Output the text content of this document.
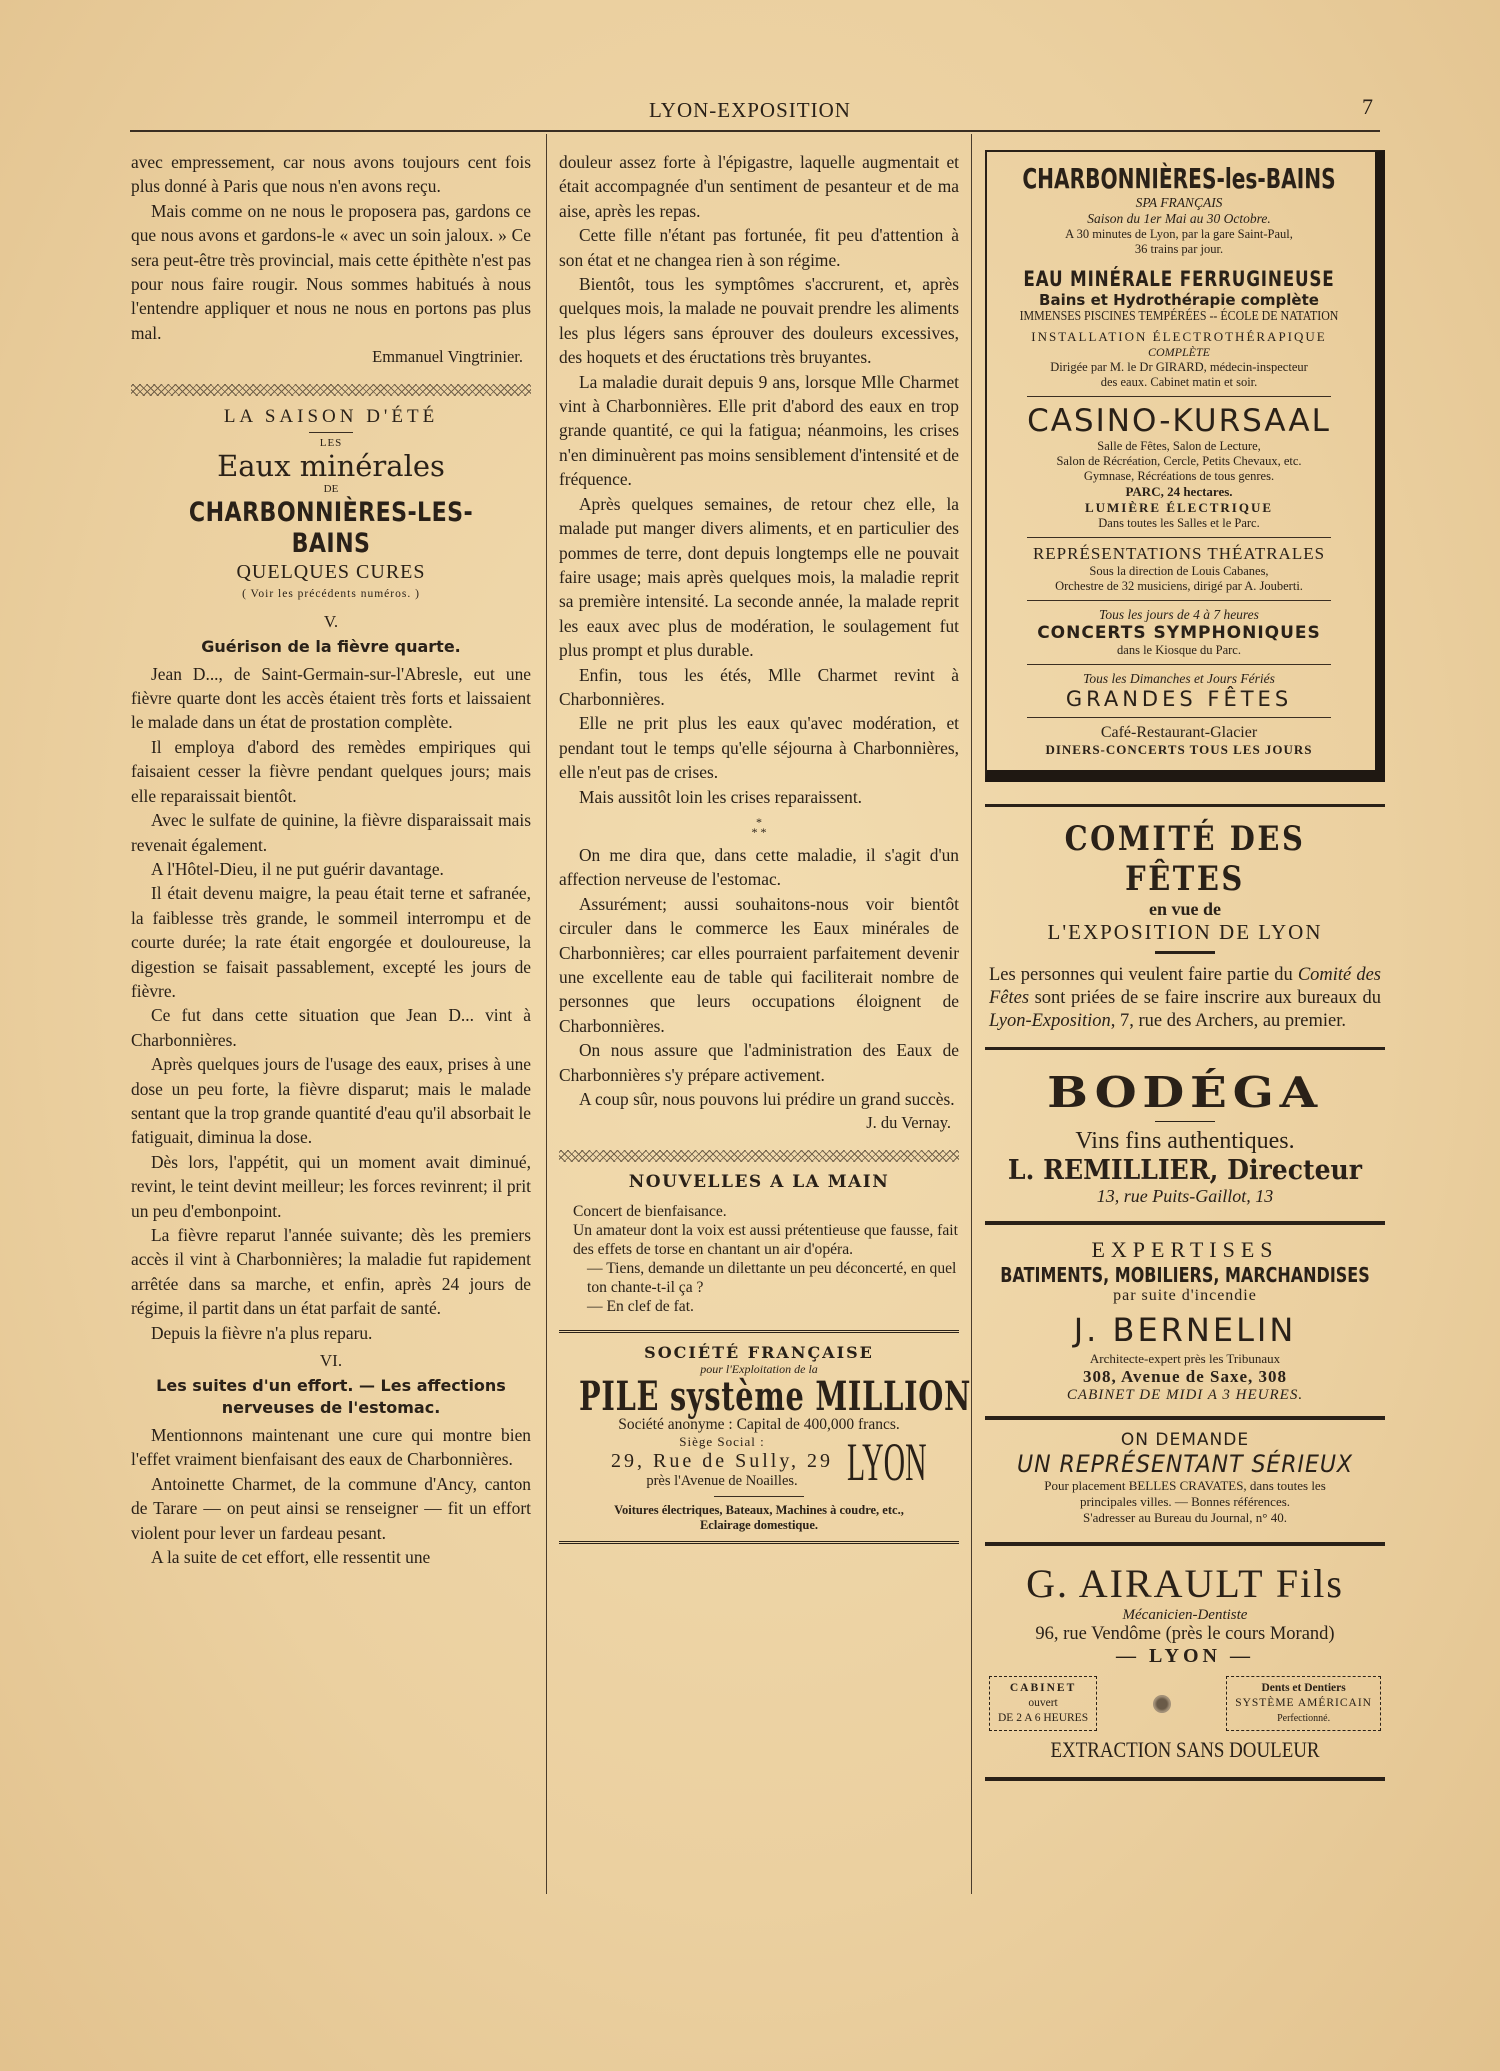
LYON-EXPOSITION	7

avec empressement, car nous avons toujours cent fois plus donné à Paris que nous n'en avons reçu.

Mais comme on ne nous le proposera pas, gardons ce que nous avons et gardons-le « avec un soin jaloux. » Ce sera peut-être très provincial, mais cette épithète n'est pas pour nous faire rougir. Nous sommes habitués à nous l'entendre appliquer et nous ne nous en portons pas plus mal.

Emmanuel Vingtrinier.

LA SAISON D'ÉTÉ
LES
Eaux minérales
DE
CHARBONNIÈRES-LES-BAINS
QUELQUES CURES
( Voir les précédents numéros. )
V.
Guérison de la fièvre quarte.

Jean D..., de Saint-Germain-sur-l'Abresle, eut une fièvre quarte dont les accès étaient très forts et laissaient le malade dans un état de prostation complète.

Il employa d'abord des remèdes empiriques qui faisaient cesser la fièvre pendant quelques jours; mais elle reparaissait bientôt.

Avec le sulfate de quinine, la fièvre disparaissait mais revenait également.

A l'Hôtel-Dieu, il ne put guérir davantage.

Il était devenu maigre, la peau était terne et safranée, la faiblesse très grande, le sommeil interrompu et de courte durée; la rate était engorgée et douloureuse, la digestion se faisait passablement, excepté les jours de fièvre.

Ce fut dans cette situation que Jean D... vint à Charbonnières.

Après quelques jours de l'usage des eaux, prises à une dose un peu forte, la fièvre disparut; mais le malade sentant que la trop grande quantité d'eau qu'il absorbait le fatiguait, diminua la dose.

Dès lors, l'appétit, qui un moment avait diminué, revint, le teint devint meilleur; les forces revinrent; il prit un peu d'embonpoint.

La fièvre reparut l'année suivante; dès les premiers accès il vint à Charbonnières; la maladie fut rapidement arrêtée dans sa marche, et enfin, après 24 jours de régime, il partit dans un état parfait de santé.

Depuis la fièvre n'a plus reparu.

VI.
Les suites d'un effort. — Les affections
nerveuses de l'estomac.

Mentionnons maintenant une cure qui montre bien l'effet vraiment bienfaisant des eaux de Charbonnières.

Antoinette Charmet, de la commune d'Ancy, canton de Tarare — on peut ainsi se renseigner — fit un effort violent pour lever un fardeau pesant.

A la suite de cet effort, elle ressentit une

douleur assez forte à l'épigastre, laquelle augmentait et était accompagnée d'un sentiment de pesanteur et de ma aise, après les repas.

Cette fille n'étant pas fortunée, fit peu d'attention à son état et ne changea rien à son régime.

Bientôt, tous les symptômes s'accrurent, et, après quelques mois, la malade ne pouvait prendre les aliments les plus légers sans éprouver des douleurs excessives, des hoquets et des éructations très bruyantes.

La maladie durait depuis 9 ans, lorsque Mlle Charmet vint à Charbonnières. Elle prit d'abord des eaux en trop grande quantité, ce qui la fatigua; néanmoins, les crises n'en diminuèrent pas moins sensiblement d'intensité et de fréquence.

Après quelques semaines, de retour chez elle, la malade put manger divers aliments, et en particulier des pommes de terre, dont depuis longtemps elle ne pouvait faire usage; mais après quelques mois, la maladie reprit sa première intensité. La seconde année, la malade reprit les eaux avec plus de modération, le soulagement fut plus prompt et plus durable.

Enfin, tous les étés, Mlle Charmet revint à Charbonnières.

Elle ne prit plus les eaux qu'avec modération, et pendant tout le temps qu'elle séjourna à Charbonnières, elle n'eut pas de crises.

Mais aussitôt loin les crises reparaissent.

*
* *

On me dira que, dans cette maladie, il s'agit d'un affection nerveuse de l'estomac.

Assurément; aussi souhaitons-nous voir bientôt circuler dans le commerce les Eaux minérales de Charbonnières; car elles pourraient parfaitement devenir une excellente eau de table qui faciliterait nombre de personnes que leurs occupations éloignent de Charbonnières.

On nous assure que l'administration des Eaux de Charbonnières s'y prépare activement.

A coup sûr, nous pouvons lui prédire un grand succès.

J. du Vernay.

NOUVELLES A LA MAIN

Concert de bienfaisance.

Un amateur dont la voix est aussi prétentieuse que fausse, fait des effets de torse en chantant un air d'opéra.

— Tiens, demande un dilettante un peu déconcerté, en quel ton chante-t-il ça ?

— En clef de fat.

SOCIÉTÉ FRANÇAISE
pour l'Exploitation de la
PILE système MILLION
Société anonyme : Capital de 400,000 francs.
Siège Social :
29, Rue de Sully, 29
près l'Avenue de Noailles. LYON
Voitures électriques, Bateaux, Machines à coudre, etc.,
Eclairage domestique.
CHARBONNIÈRES-les-BAINS
SPA FRANÇAIS
Saison du 1er Mai au 30 Octobre.
A 30 minutes de Lyon, par la gare Saint-Paul,
36 trains par jour.
EAU MINÉRALE FERRUGINEUSE
Bains et Hydrothérapie complète
IMMENSES PISCINES TEMPÉRÉES -- ÉCOLE DE NATATION
INSTALLATION ÉLECTROTHÉRAPIQUE
COMPLÈTE
Dirigée par M. le Dr GIRARD, médecin-inspecteur
des eaux. Cabinet matin et soir.
CASINO-KURSAAL
Salle de Fêtes, Salon de Lecture,
Salon de Récréation, Cercle, Petits Chevaux, etc.
Gymnase, Récréations de tous genres.
PARC, 24 hectares.
LUMIÈRE ÉLECTRIQUE
Dans toutes les Salles et le Parc.
REPRÉSENTATIONS THÉATRALES
Sous la direction de Louis Cabanes,
Orchestre de 32 musiciens, dirigé par A. Jouberti.
Tous les jours de 4 à 7 heures
CONCERTS SYMPHONIQUES
dans le Kiosque du Parc.
Tous les Dimanches et Jours Fériés
GRANDES FÊTES
Café-Restaurant-Glacier
DINERS-CONCERTS TOUS LES JOURS
COMITÉ DES FÊTES
en vue de
L'EXPOSITION DE LYON

Les personnes qui veulent faire partie du Comité des Fêtes sont priées de se faire inscrire aux bureaux du Lyon-Exposition, 7, rue des Archers, au premier.

BODÉGA
Vins fins authentiques.
L. REMILLIER, Directeur
13, rue Puits-Gaillot, 13
EXPERTISES
BATIMENTS, MOBILIERS, MARCHANDISES
par suite d'incendie
J. BERNELIN
Architecte-expert près les Tribunaux
308, Avenue de Saxe, 308
CABINET DE MIDI A 3 HEURES.
ON DEMANDE
UN REPRÉSENTANT SÉRIEUX
Pour placement BELLES CRAVATES, dans toutes les
principales villes. — Bonnes références.
S'adresser au Bureau du Journal, n° 40.
G. AIRAULT Fils
Mécanicien-Dentiste
96, rue Vendôme (près le cours Morand)
— LYON —
CABINET
ouvert
DE 2 A 6 HEURES
Dents et Dentiers
SYSTÈME AMÉRICAIN
Perfectionné.
EXTRACTION SANS DOULEUR
